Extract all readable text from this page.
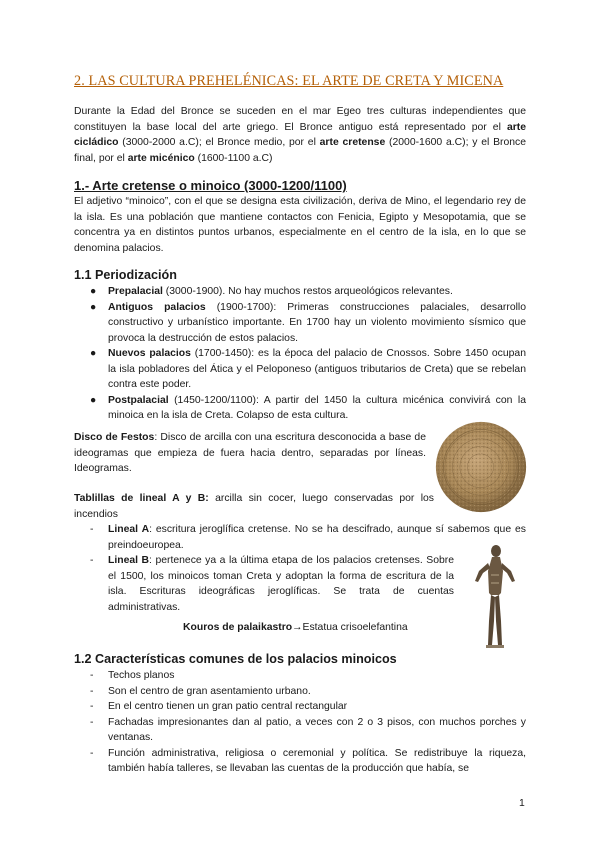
2. LAS CULTURA PREHELÉNICAS: EL ARTE DE CRETA Y MICENA
Durante la Edad del Bronce se suceden en el mar Egeo tres culturas independientes que constituyen la base local del arte griego. El Bronce antiguo está representado por el arte cicládico (3000-2000 a.C); el Bronce medio, por el arte cretense (2000-1600 a.C); y el Bronce final, por el arte micénico (1600-1100 a.C)
1.- Arte cretense o minoico (3000-1200/1100)
El adjetivo “minoico”, con el que se designa esta civilización, deriva de Mino, el legendario rey de la isla. Es una población que mantiene contactos con Fenicia, Egipto y Mesopotamia, que se concentra ya en distintos puntos urbanos, especialmente en el centro de la isla, en lo que se denomina palacios.
1.1 Periodización
● Prepalacial (3000-1900). No hay muchos restos arqueológicos relevantes.
● Antiguos palacios (1900-1700): Primeras construcciones palaciales, desarrollo constructivo y urbanístico importante. En 1700 hay un violento movimiento sísmico que provoca la destrucción de estos palacios.
● Nuevos palacios (1700-1450): es la época del palacio de Cnossos. Sobre 1450 ocupan la isla pobladores del Ática y el Peloponeso (antiguos tributarios de Creta) que se rebelan contra este poder.
● Postpalacial (1450-1200/1100): A partir del 1450 la cultura micénica convivirá con la minoica en la isla de Creta. Colapso de esta cultura.
Disco de Festos: Disco de arcilla con una escritura desconocida a base de ideogramas que empieza de fuera hacia dentro, separadas por líneas. Ideogramas.
Tablillas de lineal A y B: arcilla sin cocer, luego conservadas por los incendios
- Lineal A: escritura jeroglífica cretense. No se ha descifrado, aunque sí sabemos que es preindoeuropea.
- Lineal B: pertenece ya a la última etapa de los palacios cretenses. Sobre el 1500, los minoicos toman Creta y adoptan la forma de escritura de la isla. Escrituras ideográficas jeroglíficas. Se trata de cuentas administrativas.
Kouros de palaikastro→Estatua crisoelefantina
1.2 Características comunes de los palacios minoicos
- Techos planos
- Son el centro de gran asentamiento urbano.
- En el centro tienen un gran patio central rectangular
- Fachadas impresionantes dan al patio, a veces con 2 o 3 pisos, con muchos porches y ventanas.
- Función administrativa, religiosa o ceremonial y política. Se redistribuye la riqueza, también había talleres, se llevaban las cuentas de la producción que había, se
1
